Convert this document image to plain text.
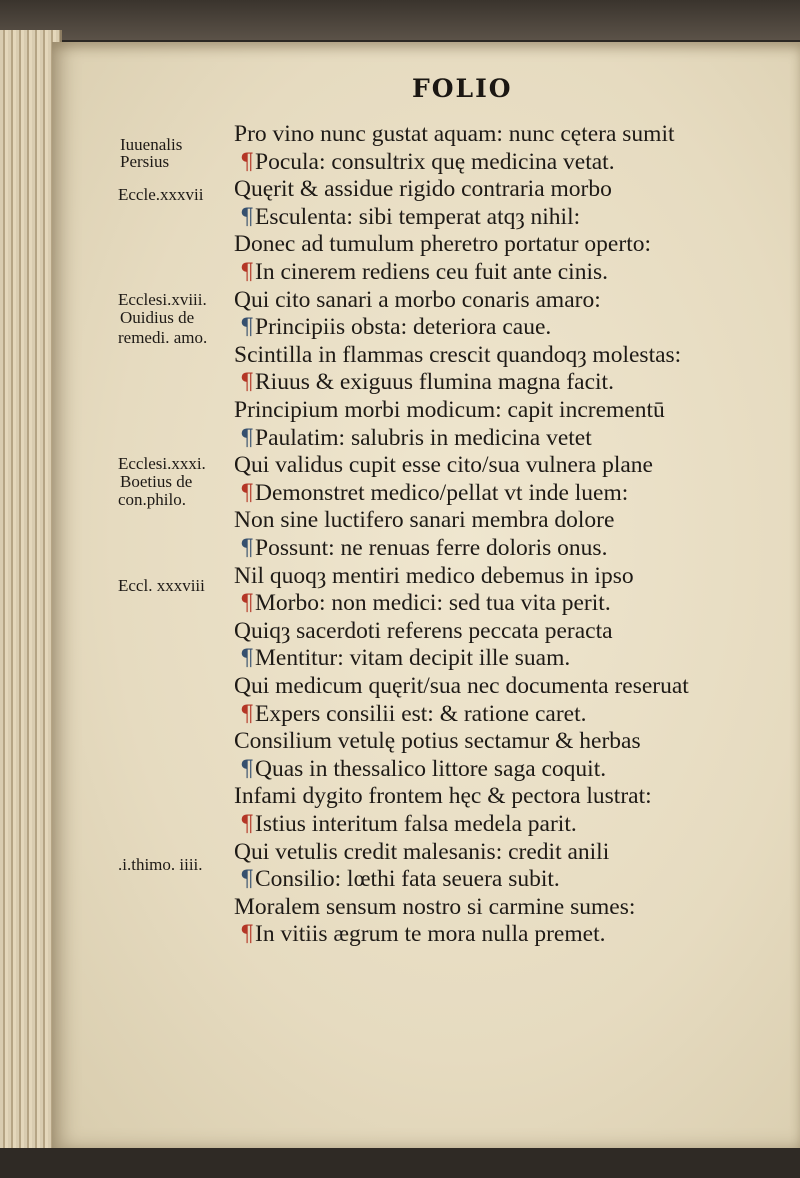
FOLIO
Pro vino nunc gustat aquam: nunc cętera sumit
¶Pocula: consultrix quę medicina vetat.
Quęrit & assidue rigido contraria morbo
¶Esculenta: sibi temperat atqȝ nihil:
Donec ad tumulum pheretro portatur operto:
¶In cinerem rediens ceu fuit ante cinis.
Qui cito sanari a morbo conaris amaro:
¶Principiis obsta: deteriora caue.
Scintilla in flammas crescit quandoqȝ molestas:
¶Riuus & exiguus flumina magna facit.
Principium morbi modicum: capit incrementū
¶Paulatim: salubris in medicina vetet
Qui validus cupit esse cito/sua vulnera plane
¶Demonstret medico/pellat vt inde luem:
Non sine luctifero sanari membra dolore
¶Possunt: ne renuas ferre doloris onus.
Nil quoqȝ mentiri medico debemus in ipso
¶Morbo: non medici: sed tua vita perit.
Quiqȝ sacerdoti referens peccata peracta
¶Mentitur: vitam decipit ille suam.
Qui medicum quęrit/sua nec documenta reseruat
¶Expers consilii est: & ratione caret.
Consilium vetulę potius sectamur & herbas
¶Quas in thessalico littore saga coquit.
Infami dygito frontem hęc & pectora lustrat:
¶Istius interitum falsa medela parit.
Qui vetulis credit malesanis: credit anili
¶Consilio: lœthi fata seuera subit.
Moralem sensum nostro si carmine sumes:
¶In vitiis ægrum te mora nulla premet.
Iuuenalis
Persius
Eccle.xxxvii
Ecclesi.xviii.
Ouidius de
remedi. amo.
Ecclesi.xxxi.
Boetius de
con.philo.
Eccl. xxxviii
.i.thimo. iiii.
